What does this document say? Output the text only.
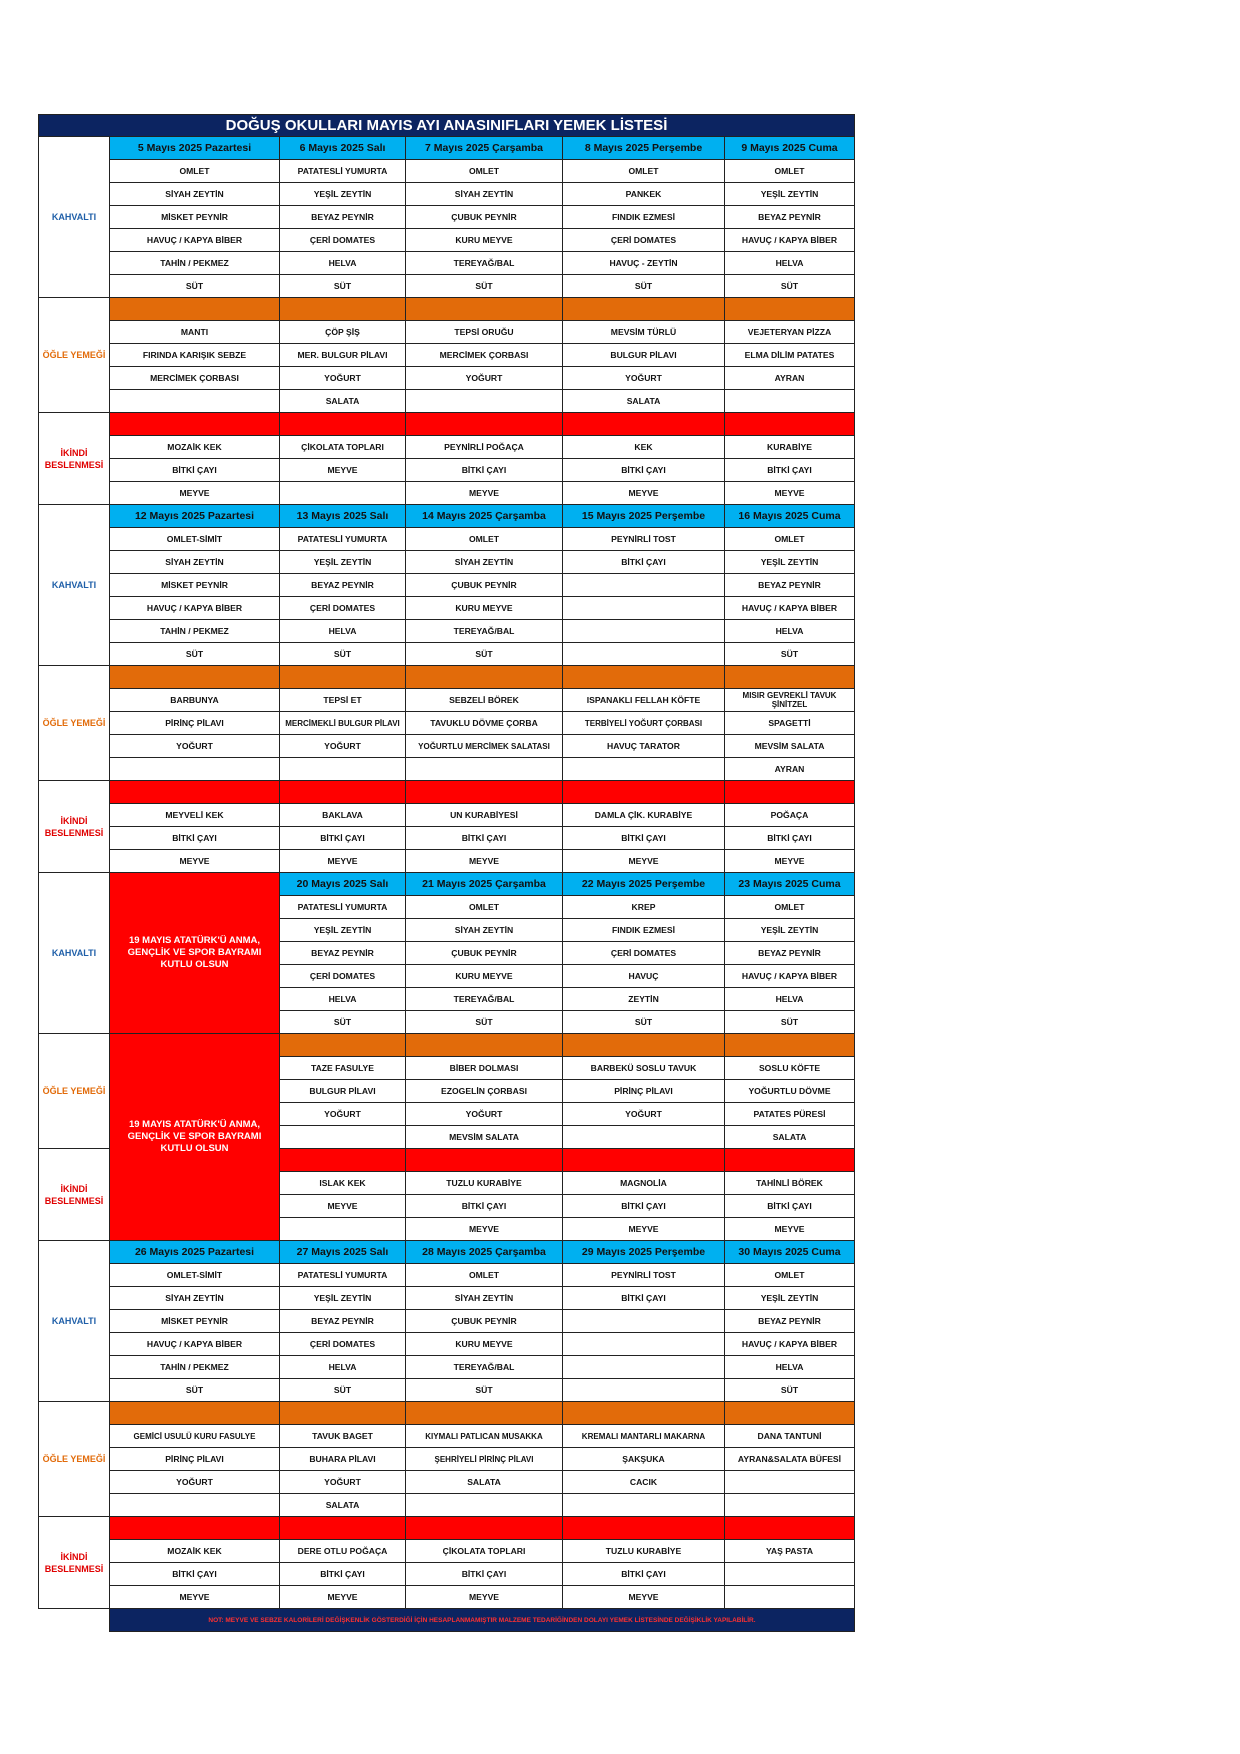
DOĞUŞ OKULLARI MAYIS AYI ANASINIFLARI YEMEK LİSTESİ					
KAHVALTI	5 Mayıs 2025 Pazartesi	6 Mayıs 2025 Salı	7 Mayıs 2025 Çarşamba	8 Mayıs 2025 Perşembe	9 Mayıs 2025 Cuma
	OMLET	PATATESLİ YUMURTA	OMLET	OMLET	OMLET
	SİYAH ZEYTİN	YEŞİL ZEYTİN	SİYAH ZEYTİN	PANKEK	YEŞİL ZEYTİN
	MİSKET PEYNİR	BEYAZ PEYNİR	ÇUBUK PEYNİR	FINDIK EZMESİ	BEYAZ PEYNİR
	HAVUÇ / KAPYA BİBER	ÇERİ DOMATES	KURU MEYVE	ÇERİ DOMATES	HAVUÇ / KAPYA BİBER
	TAHİN / PEKMEZ	HELVA	TEREYAĞ/BAL	HAVUÇ - ZEYTİN	HELVA
	SÜT	SÜT	SÜT	SÜT	SÜT
ÖĞLE YEMEĞİ					
	MANTI	ÇÖP ŞİŞ	TEPSİ ORUĞU	MEVSİM TÜRLÜ	VEJETERYAN PİZZA
	FIRINDA KARIŞIK SEBZE	MER. BULGUR PİLAVI	MERCİMEK ÇORBASI	BULGUR PİLAVI	ELMA DİLİM PATATES
	MERCİMEK ÇORBASI	YOĞURT	YOĞURT	YOĞURT	AYRAN
		SALATA		SALATA	
İKİNDİ BESLENMESİ					
	MOZAİK KEK	ÇİKOLATA TOPLARI	PEYNİRLİ POĞAÇA	KEK	KURABİYE
	BİTKİ ÇAYI	MEYVE	BİTKİ ÇAYI	BİTKİ ÇAYI	BİTKİ ÇAYI
	MEYVE		MEYVE	MEYVE	MEYVE
KAHVALTI	12 Mayıs 2025 Pazartesi	13 Mayıs 2025 Salı	14 Mayıs 2025 Çarşamba	15 Mayıs 2025 Perşembe	16 Mayıs 2025 Cuma
	OMLET-SİMİT	PATATESLİ YUMURTA	OMLET	PEYNİRLİ TOST	OMLET
	SİYAH ZEYTİN	YEŞİL ZEYTİN	SİYAH ZEYTİN	BİTKİ ÇAYI	YEŞİL ZEYTİN
	MİSKET PEYNİR	BEYAZ PEYNİR	ÇUBUK PEYNİR		BEYAZ PEYNİR
	HAVUÇ / KAPYA BİBER	ÇERİ DOMATES	KURU MEYVE		HAVUÇ / KAPYA BİBER
	TAHİN / PEKMEZ	HELVA	TEREYAĞ/BAL		HELVA
	SÜT	SÜT	SÜT		SÜT
ÖĞLE YEMEĞİ					
	BARBUNYA	TEPSİ ET	SEBZELİ BÖREK	ISPANAKLI FELLAH KÖFTE	MISIR GEVREKLİ TAVUK ŞİNİTZEL
	PİRİNÇ PİLAVI	MERCİMEKLİ BULGUR PİLAVI	TAVUKLU DÖVME ÇORBA	TERBİYELİ YOĞURT ÇORBASI	SPAGETTİ
	YOĞURT	YOĞURT	YOĞURTLU MERCİMEK SALATASI	HAVUÇ TARATOR	MEVSİM SALATA
					AYRAN
İKİNDİ BESLENMESİ					
	MEYVELİ KEK	BAKLAVA	UN KURABİYESİ	DAMLA ÇİK. KURABİYE	POĞAÇA
	BİTKİ ÇAYI	BİTKİ ÇAYI	BİTKİ ÇAYI	BİTKİ ÇAYI	BİTKİ ÇAYI
	MEYVE	MEYVE	MEYVE	MEYVE	MEYVE
KAHVALTI	19 MAYIS ATATÜRK'Ü ANMA, GENÇLİK VE SPOR BAYRAMI KUTLU OLSUN	20 Mayıs 2025 Salı	21 Mayıs 2025 Çarşamba	22 Mayıs 2025 Perşembe	23 Mayıs 2025 Cuma
		PATATESLİ YUMURTA	OMLET	KREP	OMLET
		YEŞİL ZEYTİN	SİYAH ZEYTİN	FINDIK EZMESİ	YEŞİL ZEYTİN
		BEYAZ PEYNİR	ÇUBUK PEYNİR	ÇERİ DOMATES	BEYAZ PEYNİR
		ÇERİ DOMATES	KURU MEYVE	HAVUÇ	HAVUÇ / KAPYA BİBER
		HELVA	TEREYAĞ/BAL	ZEYTİN	HELVA
		SÜT	SÜT	SÜT	SÜT
ÖĞLE YEMEĞİ	19 MAYIS ATATÜRK'Ü ANMA, GENÇLİK VE SPOR BAYRAMI KUTLU OLSUN				
		TAZE FASULYE	BİBER DOLMASI	BARBEKÜ SOSLU TAVUK	SOSLU KÖFTE
		BULGUR PİLAVI	EZOGELİN ÇORBASI	PİRİNÇ PİLAVI	YOĞURTLU DÖVME
		YOĞURT	YOĞURT	YOĞURT	PATATES PÜRESİ
			MEVSİM SALATA		SALATA
İKİNDİ BESLENMESİ					
		ISLAK KEK	TUZLU KURABİYE	MAGNOLİA	TAHİNLİ BÖREK
		MEYVE	BİTKİ ÇAYI	BİTKİ ÇAYI	BİTKİ ÇAYI
			MEYVE	MEYVE	MEYVE
KAHVALTI	26 Mayıs 2025 Pazartesi	27 Mayıs 2025 Salı	28 Mayıs 2025 Çarşamba	29 Mayıs 2025 Perşembe	30 Mayıs 2025 Cuma
	OMLET-SİMİT	PATATESLİ YUMURTA	OMLET	PEYNİRLİ TOST	OMLET
	SİYAH ZEYTİN	YEŞİL ZEYTİN	SİYAH ZEYTİN	BİTKİ ÇAYI	YEŞİL ZEYTİN
	MİSKET PEYNİR	BEYAZ PEYNİR	ÇUBUK PEYNİR		BEYAZ PEYNİR
	HAVUÇ / KAPYA BİBER	ÇERİ DOMATES	KURU MEYVE		HAVUÇ / KAPYA BİBER
	TAHİN / PEKMEZ	HELVA	TEREYAĞ/BAL		HELVA
	SÜT	SÜT	SÜT		SÜT
ÖĞLE YEMEĞİ					
	GEMİCİ USULÜ KURU FASULYE	TAVUK BAGET	KIYMALI PATLICAN MUSAKKA	KREMALI MANTARLI MAKARNA	DANA TANTUNİ
	PİRİNÇ PİLAVI	BUHARA PİLAVI	ŞEHRİYELİ PİRİNÇ PİLAVI	ŞAKŞUKA	AYRAN&SALATA BÜFESİ
	YOĞURT	YOĞURT	SALATA	CACIK	
		SALATA			
İKİNDİ BESLENMESİ					
	MOZAİK KEK	DERE OTLU POĞAÇA	ÇİKOLATA TOPLARI	TUZLU KURABİYE	YAŞ PASTA
	BİTKİ ÇAYI	BİTKİ ÇAYI	BİTKİ ÇAYI	BİTKİ ÇAYI	
	MEYVE	MEYVE	MEYVE	MEYVE	
	NOT: MEYVE VE SEBZE KALORİLERİ DEĞİŞKENLİK GÖSTERDİĞİ İÇİN HESAPLANMAMIŞTIR MALZEME TEDARİĞİNDEN DOLAYI YEMEK LİSTESİNDE DEĞİŞİKLİK YAPILABİLİR.				
